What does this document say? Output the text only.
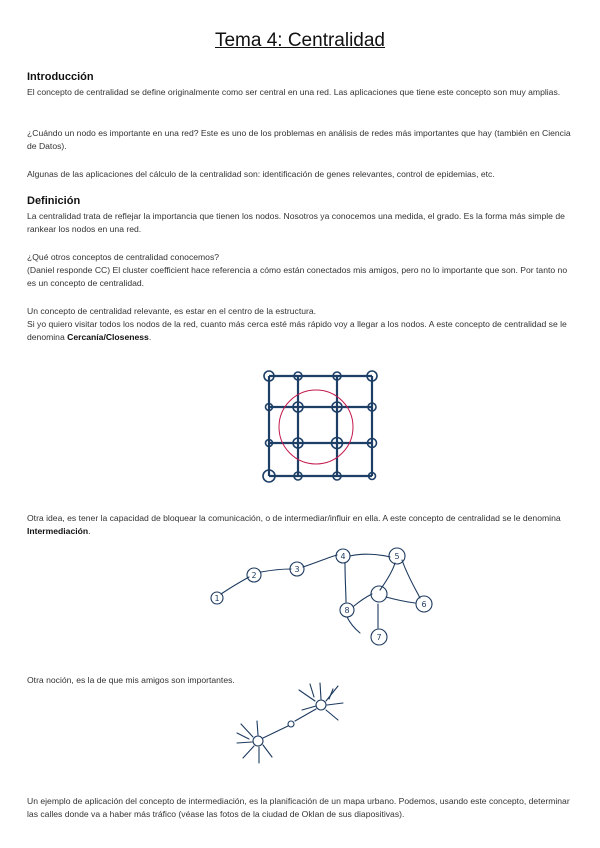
Tema 4: Centralidad
Introducción

El concepto de centralidad se define originalmente como ser central en una red. Las aplicaciones que tiene este concepto son muy amplias.

¿Cuándo un nodo es importante en una red? Este es uno de los problemas en análisis de redes más importantes que hay (también en Ciencia de Datos).

Algunas de las aplicaciones del cálculo de la centralidad son: identificación de genes relevantes, control de epidemias, etc.

Definición

La centralidad trata de reflejar la importancia que tienen los nodos. Nosotros ya conocemos una medida, el grado. Es la forma más simple de rankear los nodos en una red.

¿Qué otros conceptos de centralidad conocemos?

(Daniel responde CC) El cluster coefficient hace referencia a cómo están conectados mis amigos, pero no lo importante que son. Por tanto no es un concepto de centralidad.

Un concepto de centralidad relevante, es estar en el centro de la estructura.

Si yo quiero visitar todos los nodos de la red, cuanto más cerca esté más rápido voy a llegar a los nodos. A este concepto de centralidad se le denomina Cercanía/Closeness.

Otra idea, es tener la capacidad de bloquear la comunicación, o de intermediar/influir en ella. A este concepto de centralidad se le denomina Intermediación.

1
2
3
4	5
6
7
8

Otra noción, es la de que mis amigos son importantes.

Un ejemplo de aplicación del concepto de intermediación, es la planificación de un mapa urbano. Podemos, usando este concepto, determinar las calles donde va a haber más tráfico (véase las fotos de la ciudad de Oklan de sus diapositivas).
